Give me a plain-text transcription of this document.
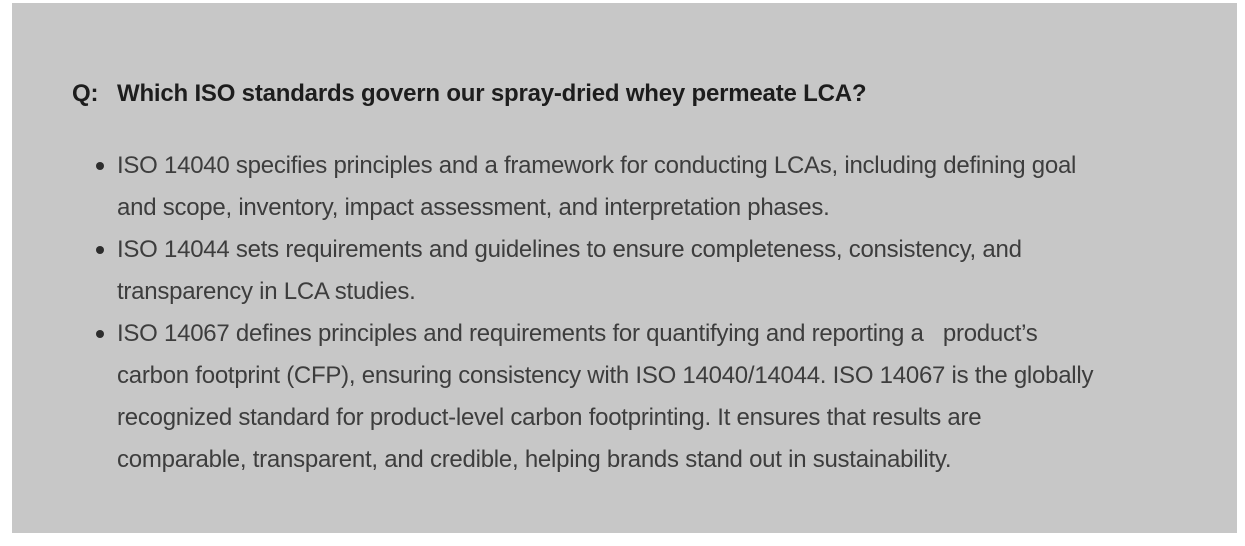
Q: Which ISO standards govern our spray-dried whey permeate LCA?
ISO 14040 specifies principles and a framework for conducting LCAs, including defining goal
and scope, inventory, impact assessment, and interpretation phases.
ISO 14044 sets requirements and guidelines to ensure completeness, consistency, and
transparency in LCA studies.
ISO 14067 defines principles and requirements for quantifying and reporting a   product’s
carbon footprint (CFP), ensuring consistency with ISO 14040/14044. ISO 14067 is the globally
recognized standard for product-level carbon footprinting. It ensures that results are
comparable, transparent, and credible, helping brands stand out in sustainability.
